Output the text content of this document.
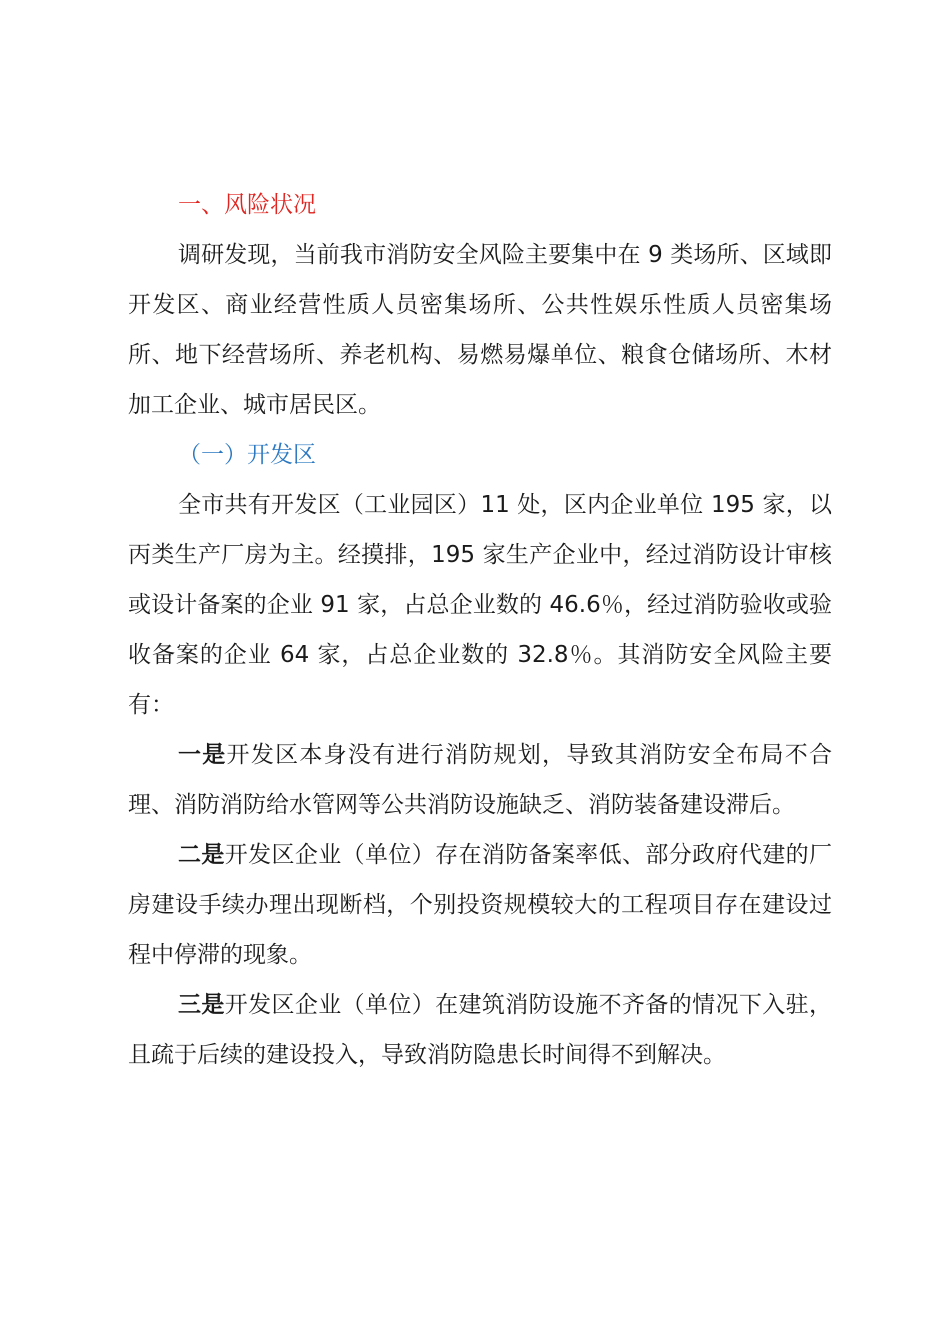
一、风险状况

调研发现，当前我市消防安全风险主要集中在 9 类场所、区域即开发区、商业经营性质人员密集场所、公共性娱乐性质人员密集场所、地下经营场所、养老机构、易燃易爆单位、粮食仓储场所、木材加工企业、城市居民区。

（一）开发区

全市共有开发区（工业园区）11 处，区内企业单位 195 家，以丙类生产厂房为主。经摸排，195 家生产企业中，经过消防设计审核或设计备案的企业 91 家，占总企业数的 46.6％，经过消防验收或验收备案的企业 64 家，占总企业数的 32.8％。其消防安全风险主要有：

一是开发区本身没有进行消防规划，导致其消防安全布局不合理、消防消防给水管网等公共消防设施缺乏、消防装备建设滞后。

二是开发区企业（单位）存在消防备案率低、部分政府代建的厂房建设手续办理出现断档，个别投资规模较大的工程项目存在建设过程中停滞的现象。

三是开发区企业（单位）在建筑消防设施不齐备的情况下入驻，且疏于后续的建设投入，导致消防隐患长时间得不到解决。
